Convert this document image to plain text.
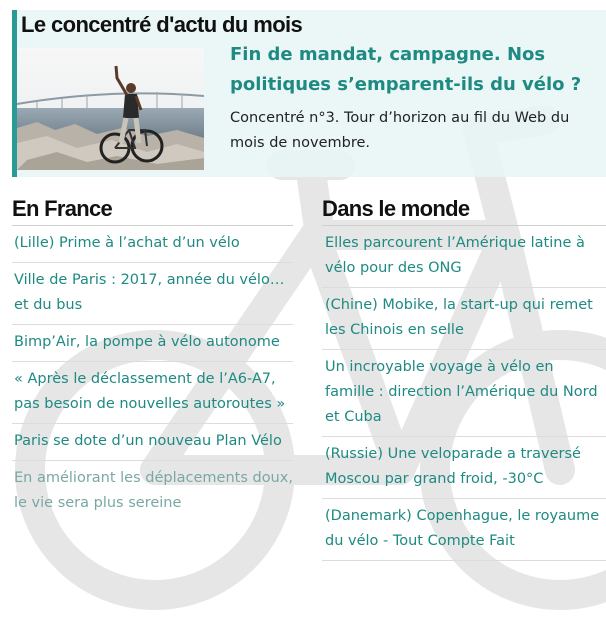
Le concentré d'actu du mois
Fin de mandat, campagne. Nos politiques s’emparent-ils du vélo ?

Concentré n°3. Tour d’horizon au fil du Web du mois de novembre.

En France
(Lille) Prime à l’achat d’un vélo
Ville de Paris : 2017, année du vélo… et du bus
Bimp’Air, la pompe à vélo autonome
« Après le déclassement de l’A6-A7, pas besoin de nouvelles autoroutes »
Paris se dote d’un nouveau Plan Vélo
En améliorant les déplacements doux, le vie sera plus sereine
Dans le monde
Elles parcourent l’Amérique latine à vélo pour des ONG
(Chine) Mobike, la start-up qui remet les Chinois en selle
Un incroyable voyage à vélo en famille : direction l’Amérique du Nord et Cuba
(Russie) Une veloparade a traversé Moscou par grand froid, -30°C
(Danemark) Copenhague, le royaume du vélo - Tout Compte Fait
